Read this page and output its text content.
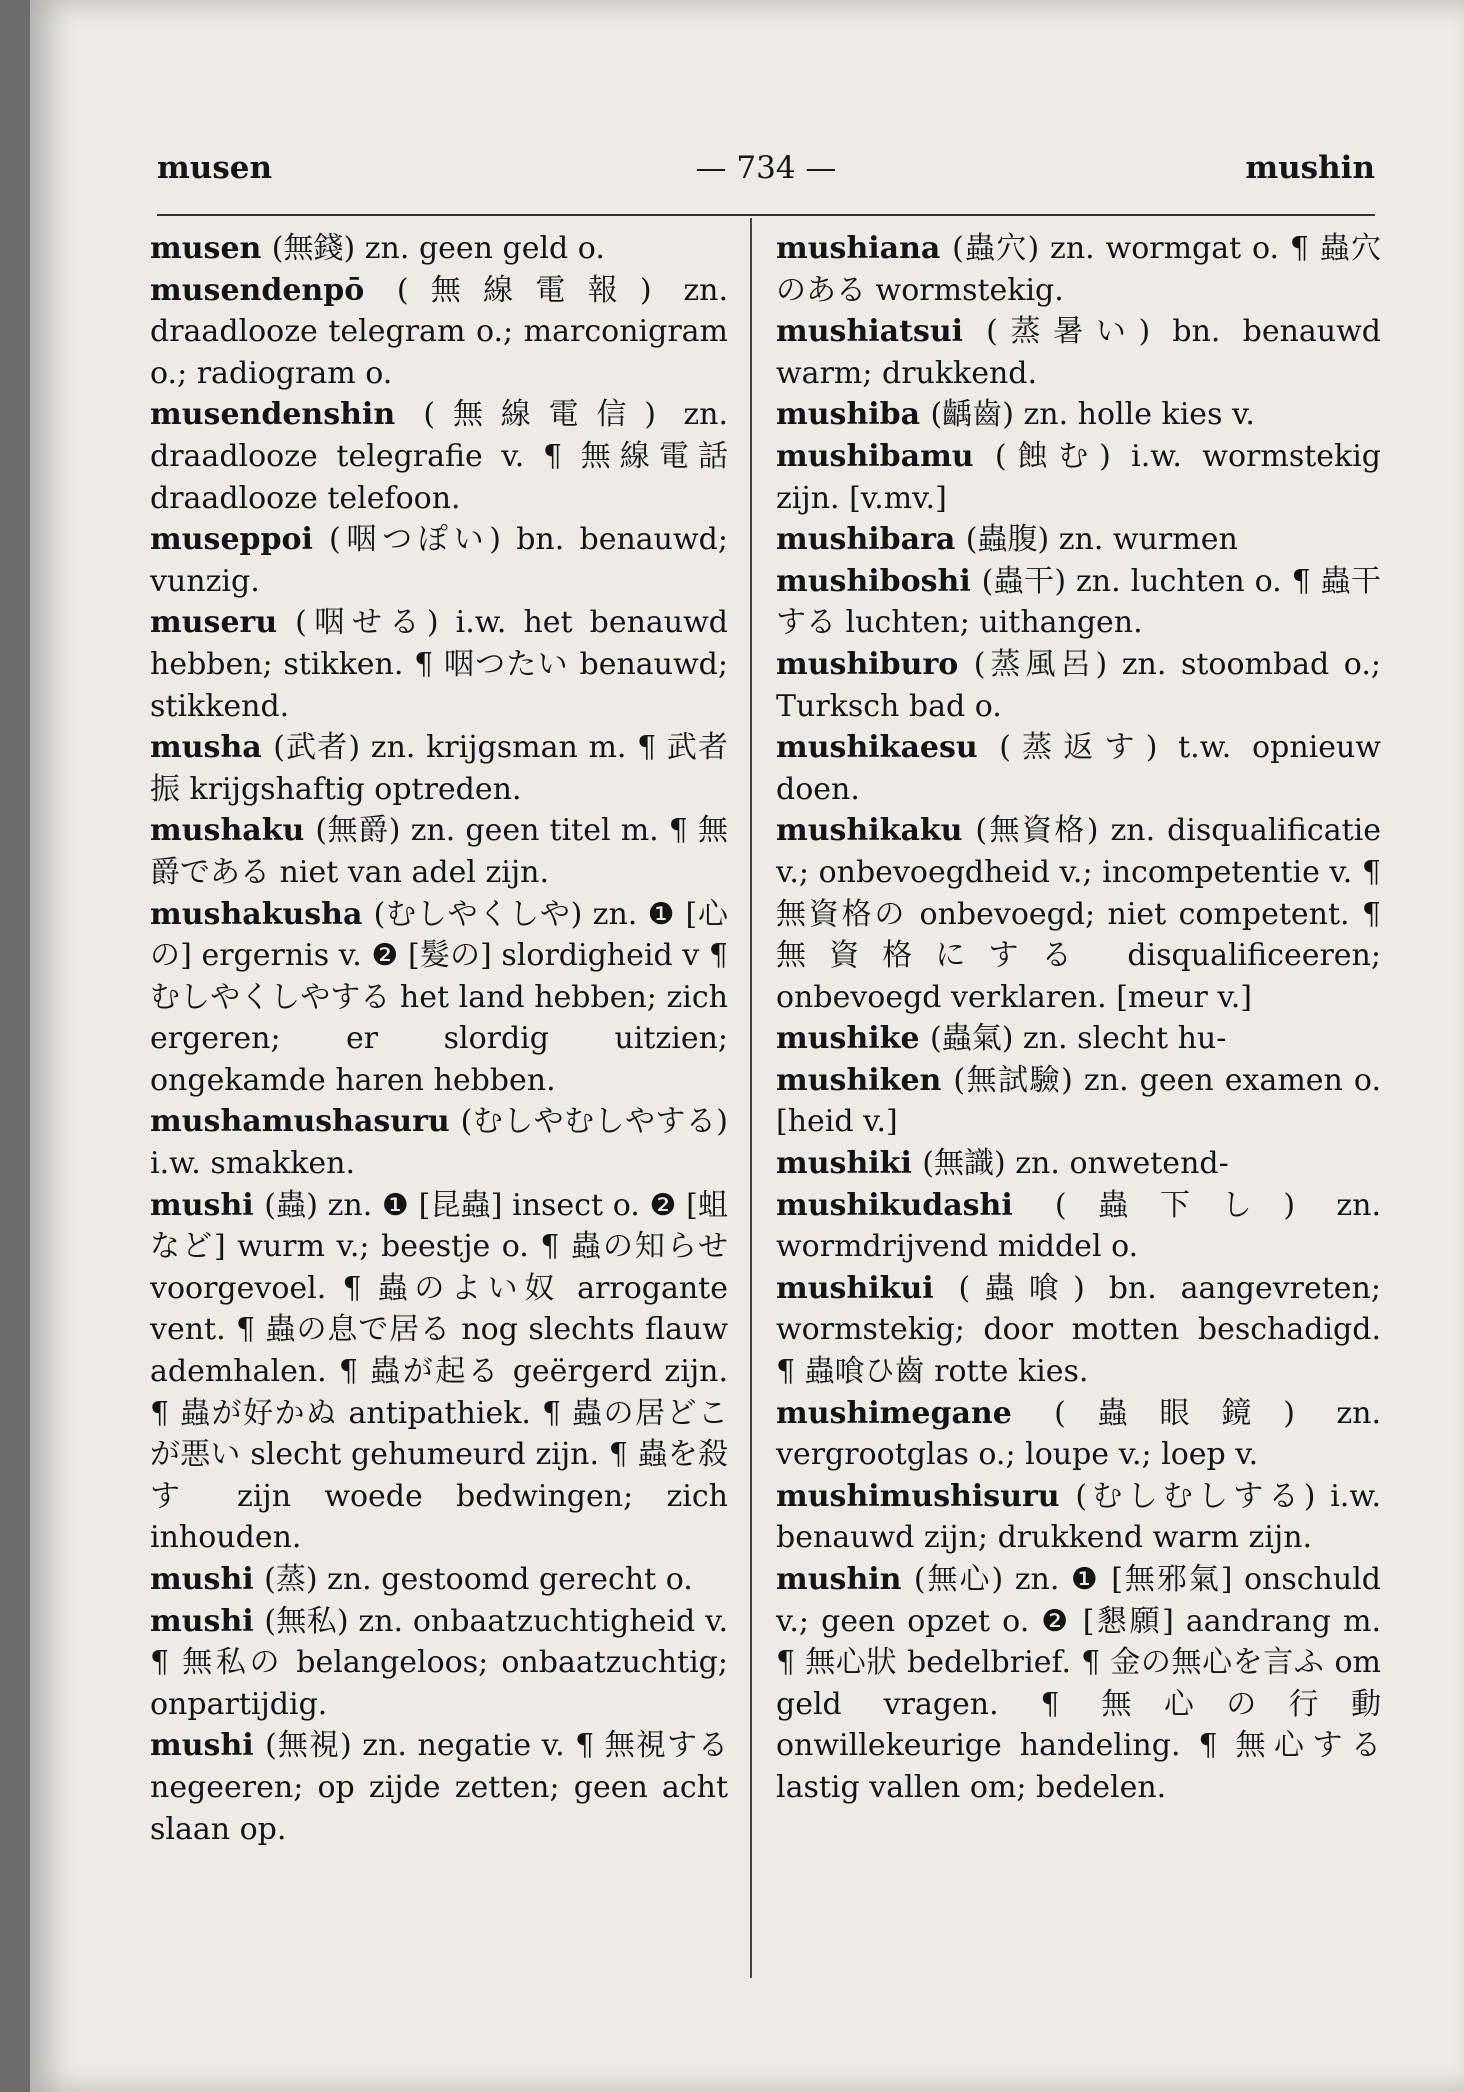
— 734 —
musen	mushin

musen (無錢) zn. geen geld o.

musendenpō (無線電報) zn. draadlooze telegram o.; marconigram o.; radiogram o.

musendenshin (無線電信) zn. draadlooze telegrafie v. ¶ 無線電話 draadlooze telefoon.

museppoi (咽つぽい) bn. benauwd; vunzig.

museru (咽せる) i.w. het benauwd hebben; stikken. ¶ 咽つたい benauwd; stikkend.

musha (武者) zn. krijgsman m. ¶ 武者振 krijgshaftig optreden.

mushaku (無爵) zn. geen titel m. ¶ 無爵である niet van adel zijn.

mushakusha (むしやくしや) zn. ❶ [心の] ergernis v. ❷ [髮の] slordigheid v ¶ むしやくしやする het land hebben; zich ergeren; er slordig uitzien; ongekamde haren hebben.

mushamushasuru (むしやむしやする) i.w. smakken.

mushi (蟲) zn. ❶ [昆蟲] insect o. ❷ [蛆など] wurm v.; beestje o. ¶ 蟲の知らせ voorgevoel. ¶ 蟲のよい奴 arrogante vent. ¶ 蟲の息で居る nog slechts flauw ademhalen. ¶ 蟲が起る geërgerd zijn. ¶ 蟲が好かぬ antipathiek. ¶ 蟲の居どこが悪い slecht gehumeurd zijn. ¶ 蟲を殺す zijn woede bedwingen; zich inhouden.

mushi (蒸) zn. gestoomd gerecht o.

mushi (無私) zn. onbaatzuchtigheid v. ¶ 無私の belangeloos; onbaatzuchtig; onpartijdig.

mushi (無視) zn. negatie v. ¶ 無視する negeeren; op zijde zetten; geen acht slaan op.

mushiana (蟲穴) zn. wormgat o. ¶ 蟲穴のある wormstekig.

mushiatsui (蒸暑い) bn. benauwd warm; drukkend.

mushiba (齲齒) zn. holle kies v.

mushibamu (蝕む) i.w. wormstekig zijn. [v.mv.]

mushibara (蟲腹) zn. wurmen

mushiboshi (蟲干) zn. luchten o. ¶ 蟲干する luchten; uithangen.

mushiburo (蒸風呂) zn. stoombad o.; Turksch bad o.

mushikaesu (蒸返す) t.w. opnieuw doen.

mushikaku (無資格) zn. disqualificatie v.; onbevoegdheid v.; incompetentie v. ¶ 無資格の onbevoegd; niet competent. ¶ 無資格にする disqualificeeren; onbevoegd verklaren. [meur v.]

mushike (蟲氣) zn. slecht hu-

mushiken (無試驗) zn. geen examen o. [heid v.]

mushiki (無識) zn. onwetend-

mushikudashi (蟲下し) zn. wormdrijvend middel o.

mushikui (蟲喰) bn. aangevreten; wormstekig; door motten beschadigd. ¶ 蟲喰ひ齒 rotte kies.

mushimegane (蟲眼鏡) zn. vergrootglas o.; loupe v.; loep v.

mushimushisuru (むしむしする) i.w. benauwd zijn; drukkend warm zijn.

mushin (無心) zn. ❶ [無邪氣] onschuld v.; geen opzet o. ❷ [懇願] aandrang m. ¶ 無心狀 bedelbrief. ¶ 金の無心を言ふ om geld vragen. ¶ 無心の行動 onwillekeurige handeling. ¶ 無心する lastig vallen om; bedelen.
